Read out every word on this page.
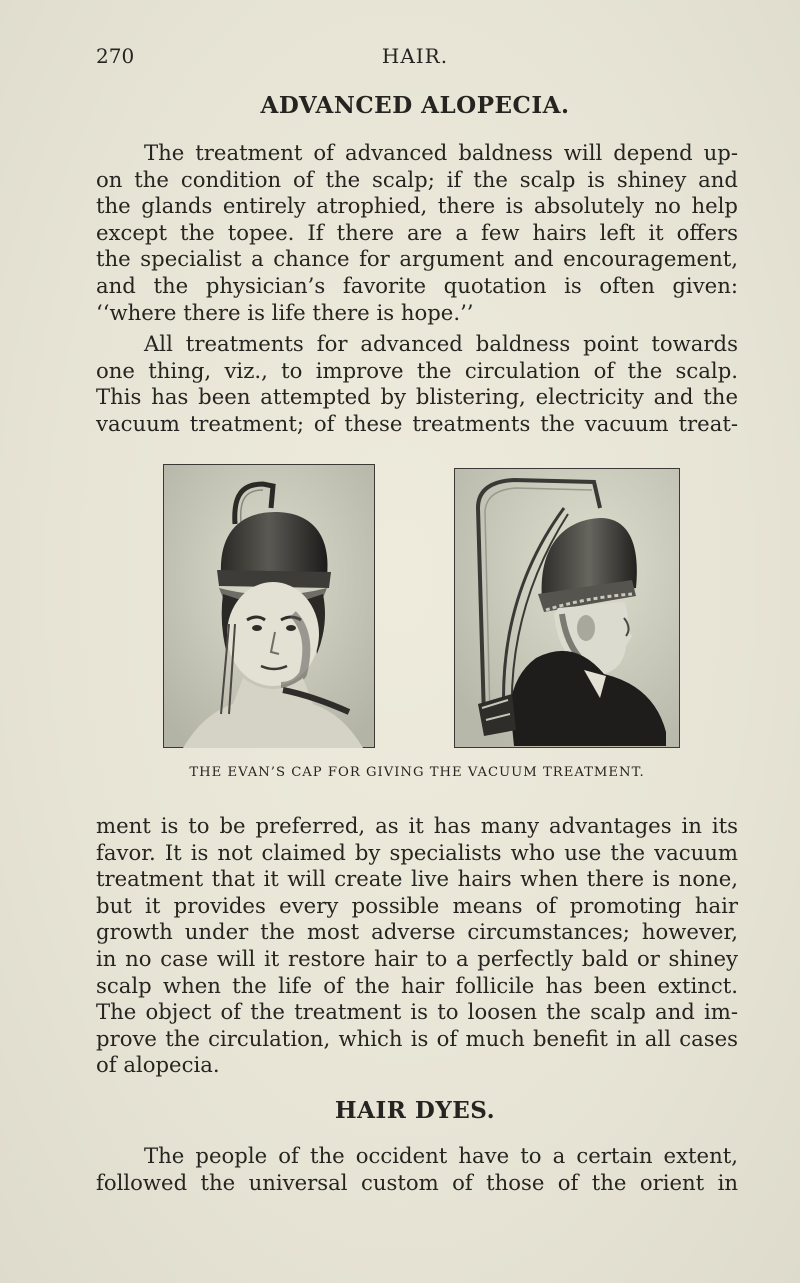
270	HAIR.
ADVANCED ALOPECIA.

The treatment of advanced baldness will depend up-
on the condition of the scalp; if the scalp is shiney and
the glands entirely atrophied, there is absolutely no help
except the topee. If there are a few hairs left it offers
the specialist a chance for argument and encouragement,
and the physician’s favorite quotation is often given:
‘‘where there is life there is hope.’’

All treatments for advanced baldness point towards
one thing, viz., to improve the circulation of the scalp.
This has been attempted by blistering, electricity and the
vacuum treatment; of these treatments the vacuum treat-

THE EVAN’S CAP FOR GIVING THE VACUUM TREATMENT.

ment is to be preferred, as it has many advantages in its
favor. It is not claimed by specialists who use the vacuum
treatment that it will create live hairs when there is none,
but it provides every possible means of promoting hair
growth under the most adverse circumstances; however,
in no case will it restore hair to a perfectly bald or shiney
scalp when the life of the hair follicile has been extinct.
The object of the treatment is to loosen the scalp and im-
prove the circulation, which is of much benefit in all cases
of alopecia.

HAIR DYES.

The people of the occident have to a certain extent,
followed the universal custom of those of the orient in
